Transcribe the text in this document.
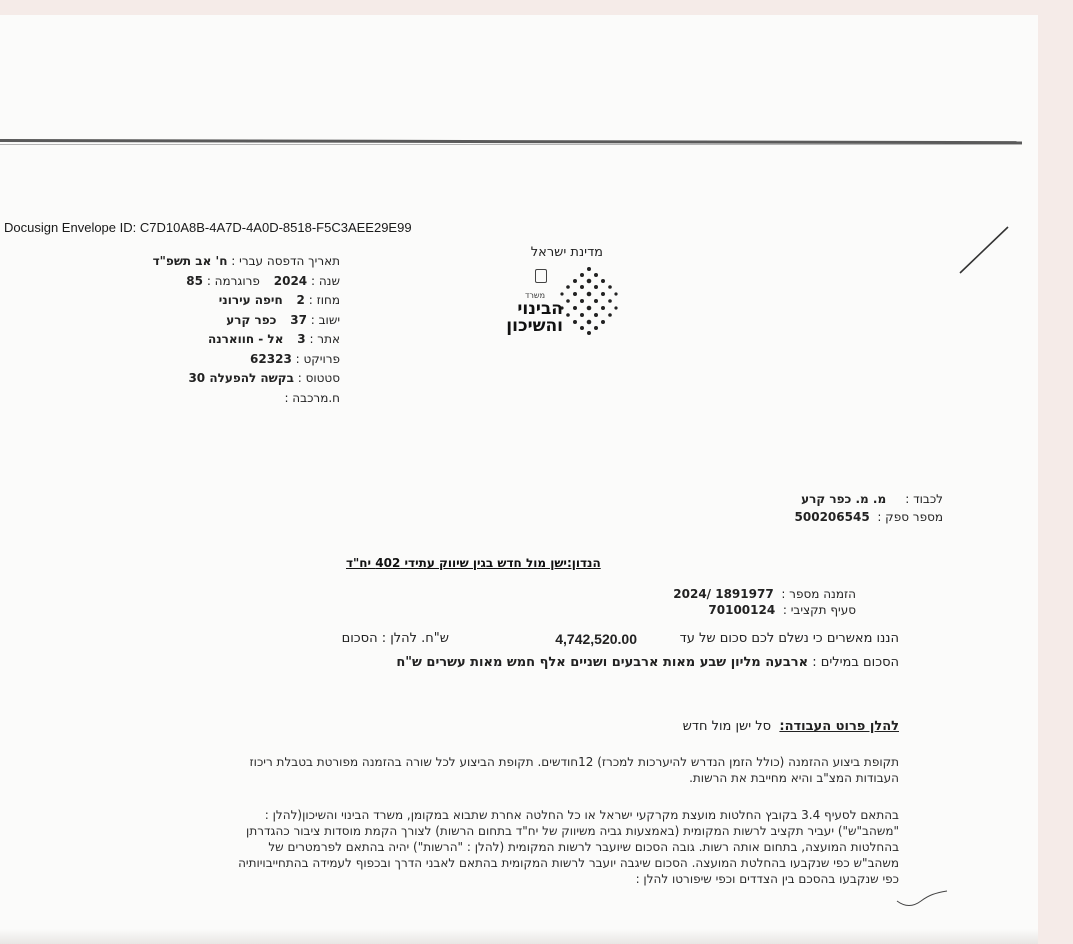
Docusign Envelope ID: C7D10A8B-4A7D-4A0D-8518-F5C3AEE29E99
תאריך הדפסה עברי : ח' אב תשפ"ד
שנה : 2024 פרוגרמה : 85
מחוז : 2 חיפה עירוני
ישוב : 37 כפר קרע
אתר : 3 אל - חווארנה
פרויקט : 62323
סטטוס : בקשה להפעלה 30
ח.מרכבה :
מדינת ישראל
משרד
הבינוי
והשיכון
לכבוד :     מ. מ. כפר קרע
מספר ספק :  500206545
הנדון:ישן מול חדש בגין שיווק עתידי 402 יח"ד
הזמנה מספר :  1891977 /2024
סעיף תקציבי :  70100124
הננו מאשרים כי נשלם לכם סכום של עד
4,742,520.00
ש"ח. להלן : הסכום
הסכום במילים : ארבעה מליון שבע מאות ארבעים ושניים אלף חמש מאות עשרים ש"ח
להלן פרוט העבודה:  סל ישן מול חדש
תקופת ביצוע ההזמנה (כולל הזמן הנדרש להיערכות למכרז) 12חודשים. תקופת הביצוע לכל שורה בהזמנה מפורטת בטבלת ריכוז
העבודות המצ"ב והיא מחייבת את הרשות.
בהתאם לסעיף 3.4 בקובץ החלטות מועצת מקרקעי ישראל או כל החלטה אחרת שתבוא במקומן, משרד הבינוי והשיכון(להלן :
"משהב"ש") יעביר תקציב לרשות המקומית (באמצעות גביה משיווק של יח"ד בתחום הרשות) לצורך הקמת מוסדות ציבור כהגדרתן
בהחלטות המועצה, בתחום אותה רשות. גובה הסכום שיועבר לרשות המקומית (להלן : "הרשות") יהיה בהתאם לפרמטרים של
משהב"ש כפי שנקבעו בהחלטת המועצה. הסכום שיגבה יועבר לרשות המקומית בהתאם לאבני הדרך ובכפוף לעמידה בהתחייבויותיה
כפי שנקבעו בהסכם בין הצדדים וכפי שיפורטו להלן :
